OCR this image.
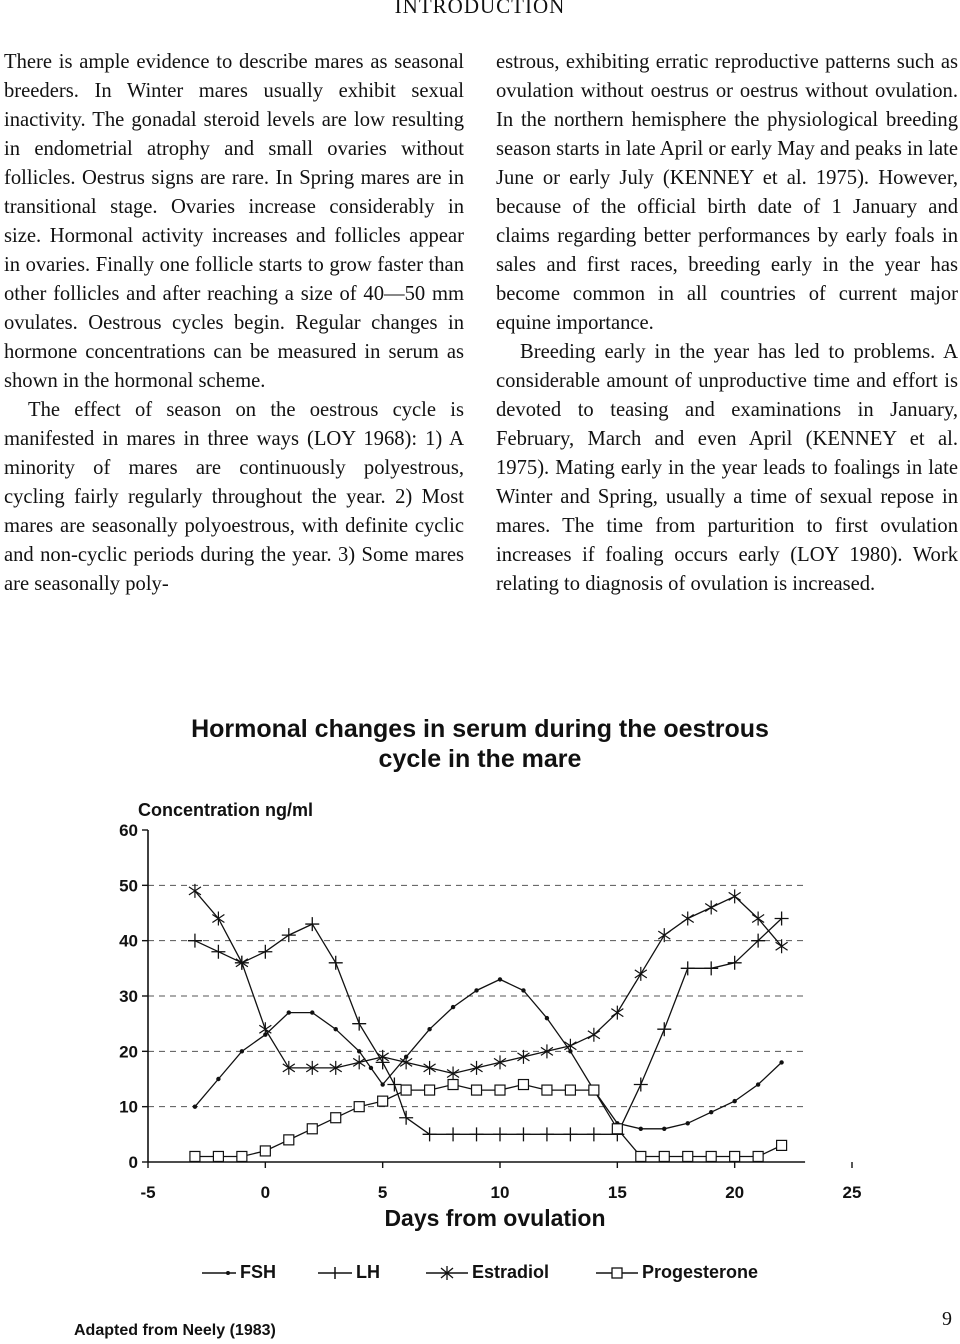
INTRODUCTION

There is ample evidence to describe mares as seasonal breeders. In Winter mares usually exhibit sexual inactivity. The gonadal steroid levels are low resulting in endometrial atrophy and small ovaries without follicles. Oestrus signs are rare. In Spring mares are in transitional stage. Ovaries increase considerably in size. Hormonal activity increases and follicles appear in ovaries. Finally one follicle starts to grow faster than other follicles and after reaching a size of 40—50 mm ovulates. Oestrous cycles begin. Regular changes in hormone concentrations can be measured in serum as shown in the hormonal scheme.

The effect of season on the oestrous cycle is manifested in mares in three ways (LOY 1968): 1) A minority of mares are continuously polyestrous, cycling fairly regularly throughout the year. 2) Most mares are seasonally polyoestrous, with definite cyclic and non-cyclic periods during the year. 3) Some mares are seasonally poly-

estrous, exhibiting erratic reproductive patterns such as ovulation without oestrus or oestrus without ovulation. In the northern hemisphere the physiological breeding season starts in late April or early May and peaks in late June or early July (KENNEY et al. 1975). However, because of the official birth date of 1 January and claims regarding better performances by early foals in sales and first races, breeding early in the year has become common in all countries of current major equine importance.

Breeding early in the year has led to problems. A considerable amount of unproductive time and effort is devoted to teasing and examinations in January, February, March and even April (KENNEY et al. 1975). Mating early in the year leads to foalings in late Winter and Spring, usually a time of sexual repose in mares. The time from parturition to first ovulation increases if foaling occurs early (LOY 1980). Work relating to diagnosis of ovulation is increased.

Hormonal changes in serum during the oestrous cycle in the mare
Concentration ng/ml
0
10
20
30
40
50
60
-5	0	5	10	15	20	25
Days from ovulation
FSH	LH	Estradiol	Progesterone
Adapted from Neely (1983)
9
